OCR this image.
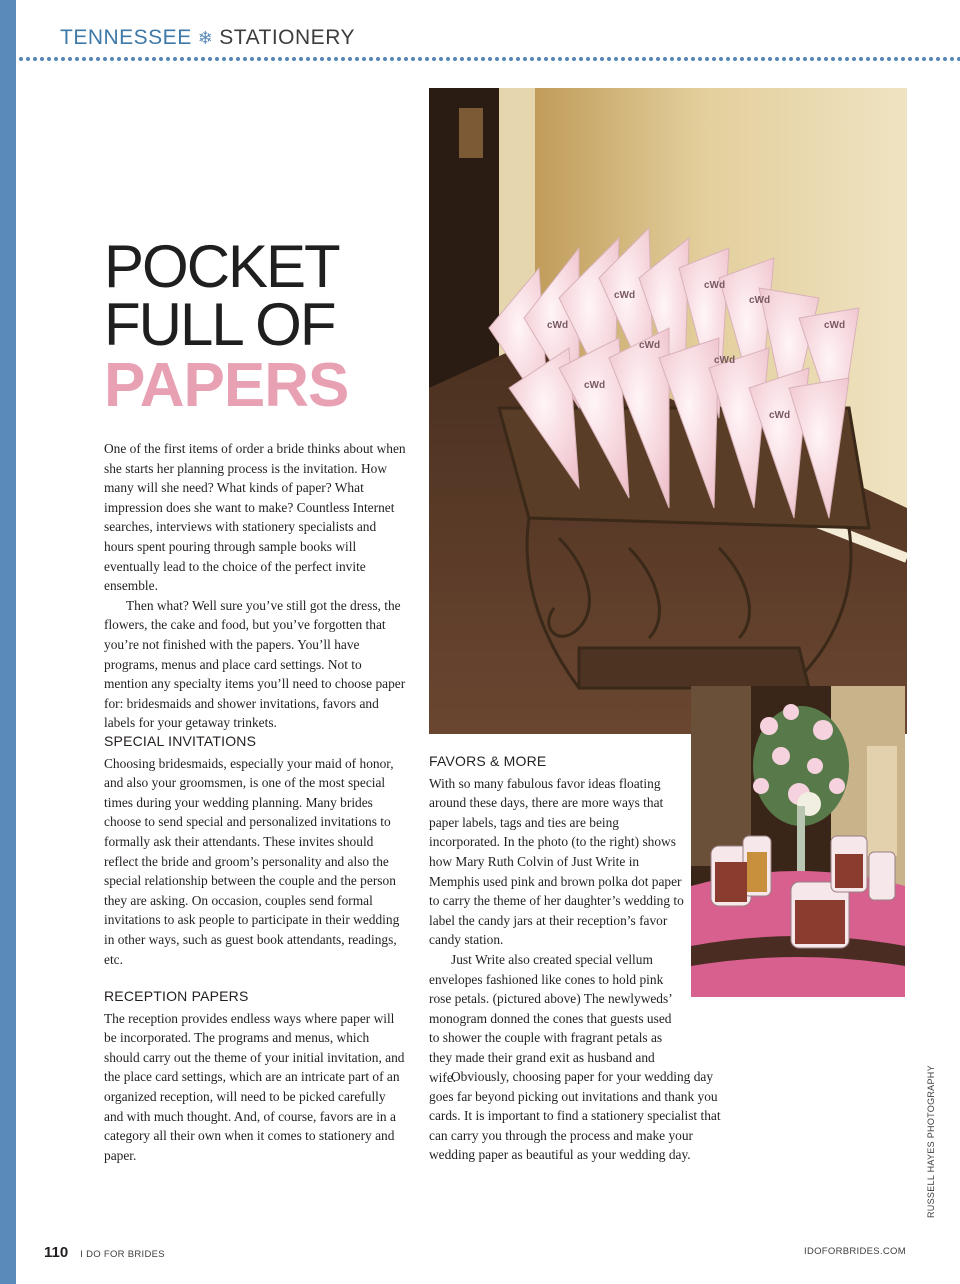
TENNESSEE ❄ STATIONERY
POCKET
FULL OF
PAPERS

One of the first items of order a bride thinks about when she starts her planning process is the invitation. How many will she need? What kinds of paper? What impression does she want to make? Countless Internet searches, interviews with stationery specialists and hours spent pouring through sample books will eventually lead to the choice of the perfect invite ensemble.

Then what? Well sure you’ve still got the dress, the flowers, the cake and food, but you’ve forgotten that you’re not finished with the papers. You’ll have programs, menus and place card settings. Not to mention any specialty items you’ll need to choose paper for: bridesmaids and shower invitations, favors and labels for your getaway trinkets.

SPECIAL INVITATIONS

Choosing bridesmaids, especially your maid of honor, and also your groomsmen, is one of the most special times during your wedding planning. Many brides choose to send special and personalized invitations to formally ask their attendants. These invites should reflect the bride and groom’s personality and also the special relationship between the couple and the person they are asking. On occasion, couples send formal invitations to ask people to participate in their wedding in other ways, such as guest book attendants, readings, etc.

RECEPTION PAPERS

The reception provides endless ways where paper will be incorporated. The programs and menus, which should carry out the theme of your initial invitation, and the place card settings, which are an intricate part of an organized reception, will need to be picked carefully and with much thought. And, of course, favors are in a category all their own when it comes to stationery and paper.

cWd
cWd
cWd
cWd
cWd
cWd
cWd
cWd
cWd
FAVORS & MORE

With so many fabulous favor ideas floating around these days, there are more ways that paper labels, tags and ties are being incorporated. In the photo (to the right) shows how Mary Ruth Colvin of Just Write in Memphis used pink and brown polka dot paper to carry the theme of her daughter’s wedding to label the candy jars at their reception’s favor candy station.

Just Write also created special vellum envelopes fashioned like cones to hold pink rose petals. (pictured above) The newlyweds’ monogram donned the cones that guests used to shower the couple with fragrant petals as they made their grand exit as husband and wife.

Obviously, choosing paper for your wedding day goes far beyond picking out invitations and thank you cards. It is important to find a stationery specialist that can carry you through the process and make your wedding paper as beautiful as your wedding day.	RUSSELL HAYES PHOTOGRAPHY
110 I DO FOR BRIDES	IDOFORBRIDES.COM
